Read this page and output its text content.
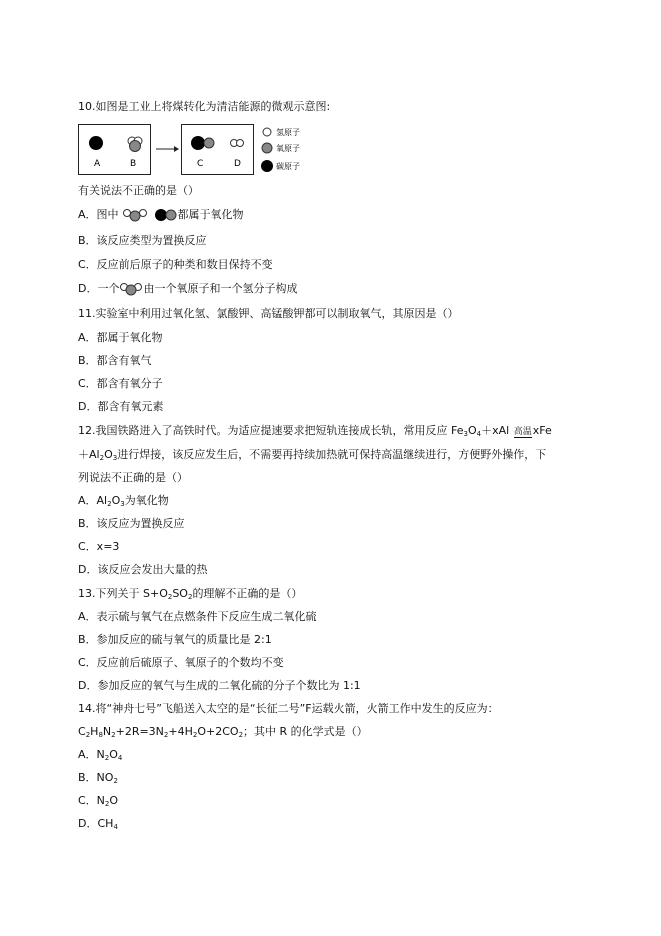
10.如图是工业上将煤转化为清洁能源的微观示意图:
A	B	C	D
氢原子
氧原子
碳原子
有关说法不正确的是（）
A．图中	都属于氧化物
B．该反应类型为置换反应
C．反应前后原子的种类和数目保持不变
D．一个 由一个氧原子和一个氢分子构成
11.实验室中利用过氧化氢、氯酸钾、高锰酸钾都可以制取氧气，其原因是（）
A．都属于氧化物
B．都含有氧气
C．都含有氧分子
D．都含有氧元素
12.我国铁路进入了高铁时代。为适应提速要求把短轨连接成长轨，常用反应 $Fe_3O_4+xAl$ 高温 xFe
$+Al_2O_3$进行焊接，该反应发生后，不需要再持续加热就可保持高温继续进行，方便野外操作，下
列说法不正确的是（）
A．$Al_2O_3$为氧化物
B．该反应为置换反应
C．x=3
D．该反应会发出大量的热
13.下列关于 $S+O_2SO_2$的理解不正确的是（）
A．表示硫与氧气在点燃条件下反应生成二氧化硫
B．参加反应的硫与氧气的质量比是 2:1
C．反应前后硫原子、氧原子的个数均不变
D．参加反应的氧气与生成的二氧化硫的分子个数比为 1:1
14.将“神舟七号”飞船送入太空的是“长征二号”F运载火箭，火箭工作中发生的反应为：
$C_2H_8N_2+2R=3N_2+4H_2O+2CO_2$；其中 R 的化学式是（）
A．$N_2O_4$
B．$NO_2$
C．$N_2O$
D．$CH_4$
